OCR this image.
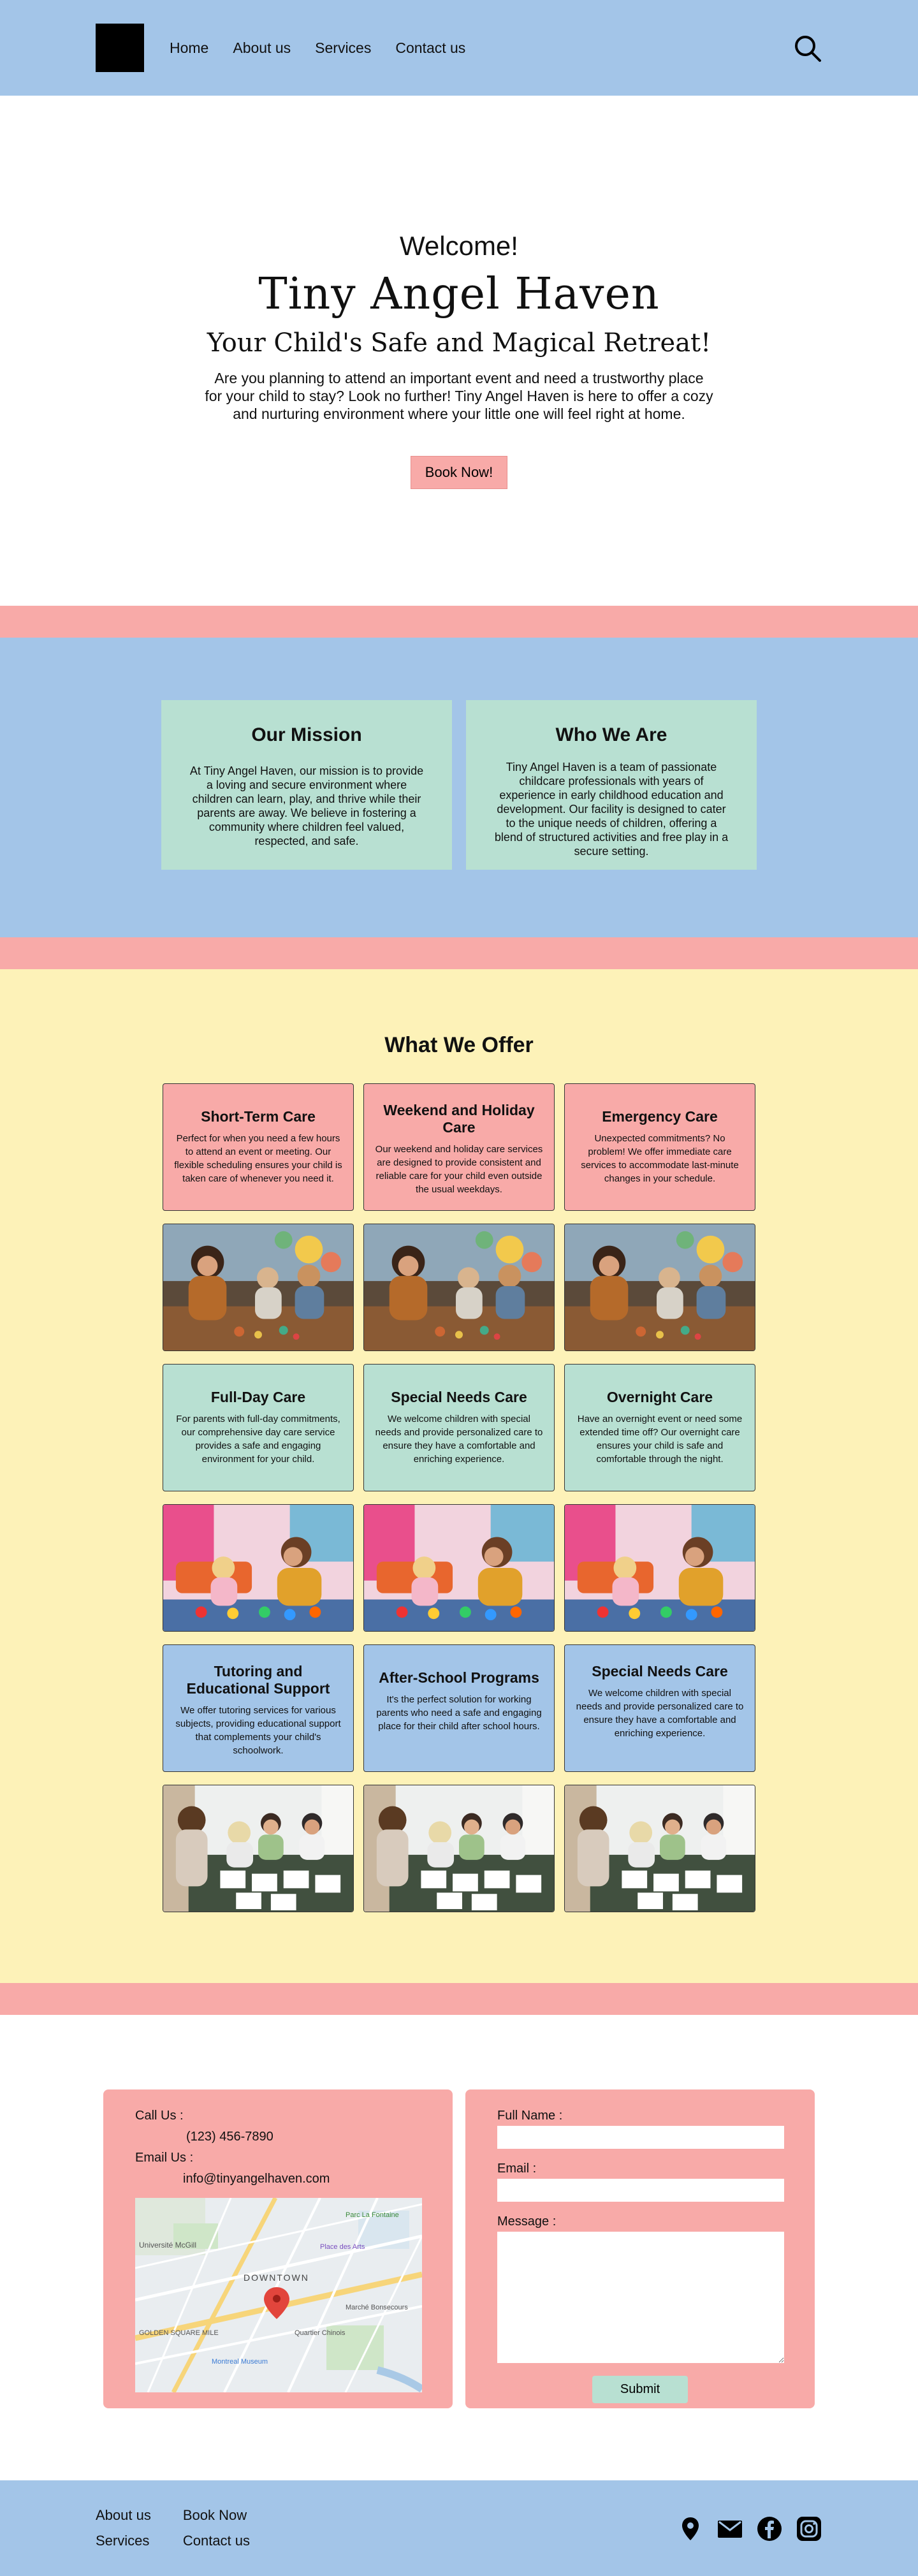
Home About us Services Contact us
Welcome!
Tiny Angel Haven
Your Child's Safe and Magical Retreat!

Are you planning to attend an important event and need a trustworthy place for your child to stay? Look no further! Tiny Angel Haven is here to offer a cozy and nurturing environment where your little one will feel right at home.

Book Now!
Our Mission

At Tiny Angel Haven, our mission is to provide a loving and secure environment where children can learn, play, and thrive while their parents are away. We believe in fostering a community where children feel valued, respected, and safe.

Who We Are

Tiny Angel Haven is a team of passionate childcare professionals with years of experience in early childhood education and development. Our facility is designed to cater to the unique needs of children, offering a blend of structured activities and free play in a secure setting.

What We Offer
Short-Term Care

Perfect for when you need a few hours to attend an event or meeting. Our flexible scheduling ensures your child is taken care of whenever you need it.

Weekend and Holiday Care

Our weekend and holiday care services are designed to provide consistent and reliable care for your child even outside the usual weekdays.

Emergency Care

Unexpected commitments? No problem! We offer immediate care services to accommodate last-minute changes in your schedule.

Full-Day Care

For parents with full-day commitments, our comprehensive day care service provides a safe and engaging environment for your child.

Special Needs Care

We welcome children with special needs and provide personalized care to ensure they have a comfortable and enriching experience.

Overnight Care

Have an overnight event or need some extended time off? Our overnight care ensures your child is safe and comfortable through the night.

Tutoring and Educational Support

We offer tutoring services for various subjects, providing educational support that complements your child's schoolwork.

After-School Programs

It's the perfect solution for working parents who need a safe and engaging place for their child after school hours.

Special Needs Care

We welcome children with special needs and provide personalized care to ensure they have a comfortable and enriching experience.

Call Us :
(123) 456-7890
Email Us :
info@tinyangelhaven.com
Université McGill
DOWNTOWN
GOLDEN SQUARE MILE
Place des Arts
Marché Bonsecours
Quartier Chinois
Montreal Museum
Parc La Fontaine
Full Name :
Email :
Message :
Submit
About us
Services
Book Now
Contact us
